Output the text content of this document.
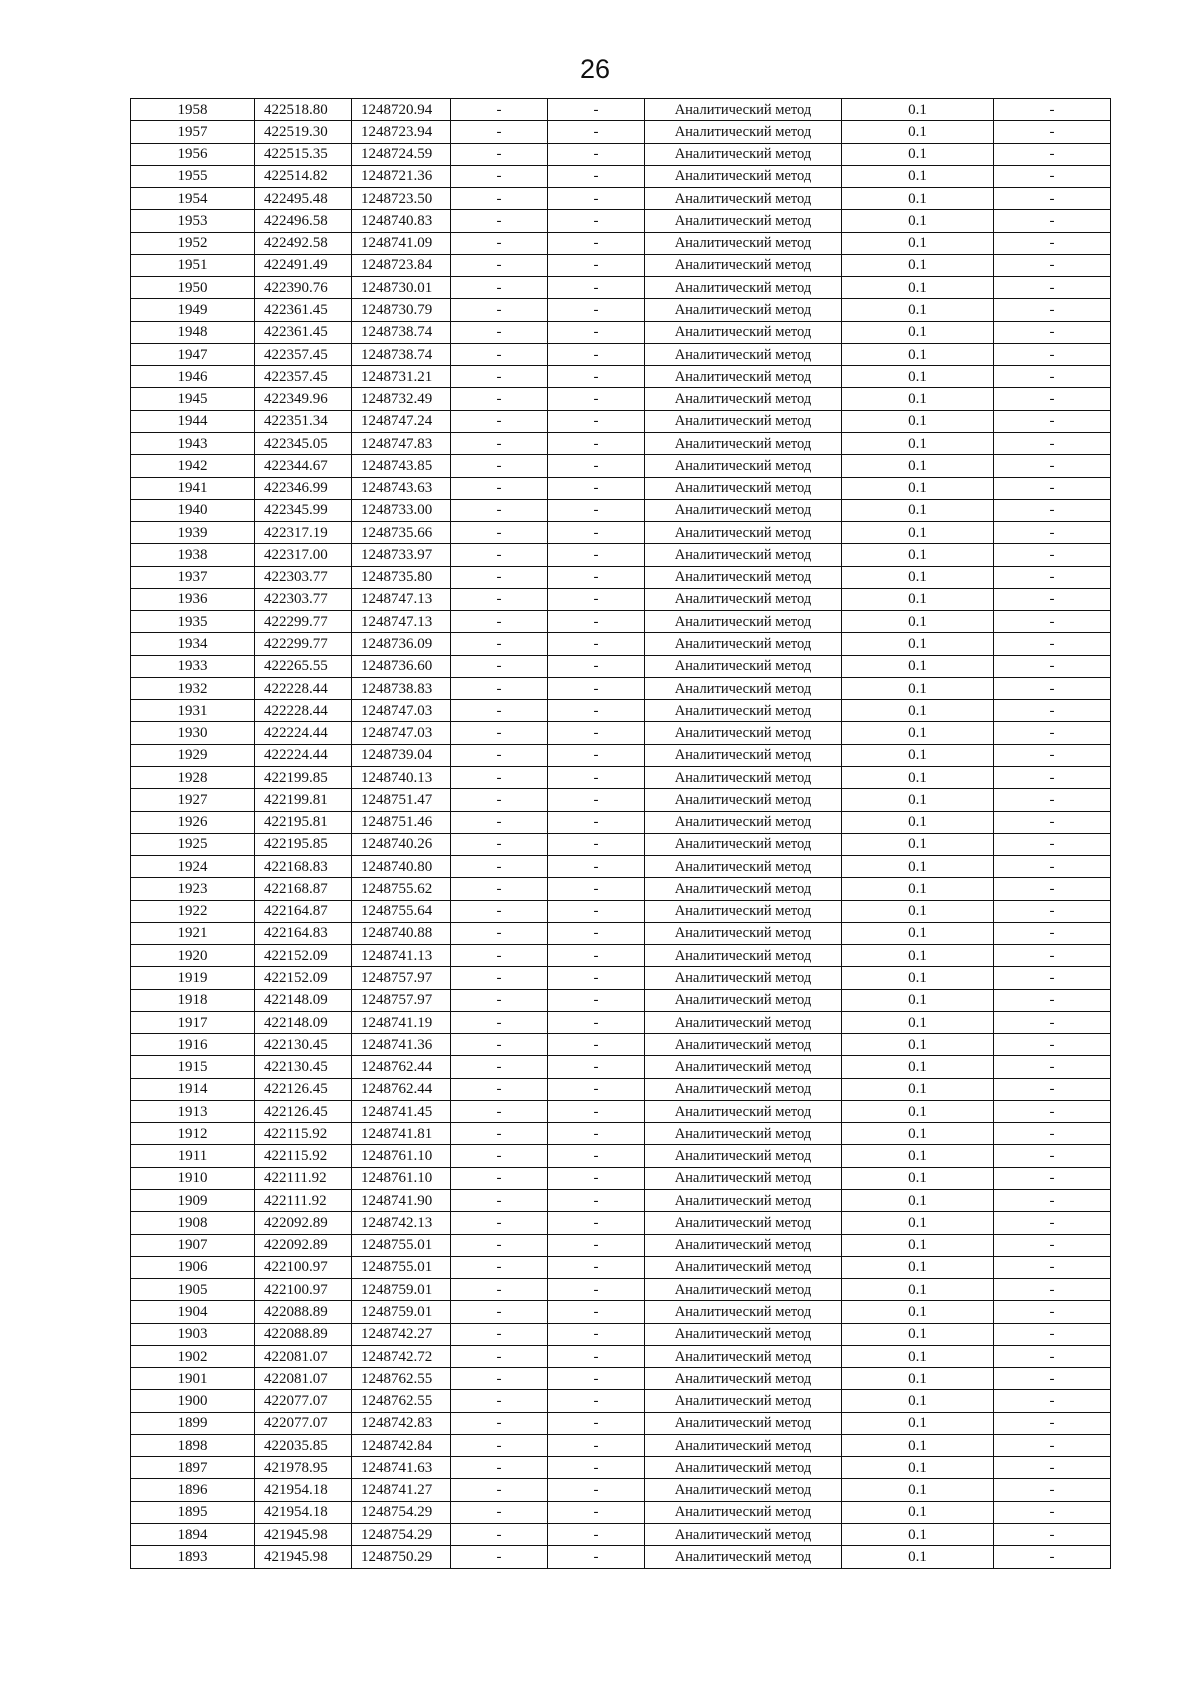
26
1958	422518.80	1248720.94	-	-	Аналитический метод	0.1	-
1957	422519.30	1248723.94	-	-	Аналитический метод	0.1	-
1956	422515.35	1248724.59	-	-	Аналитический метод	0.1	-
1955	422514.82	1248721.36	-	-	Аналитический метод	0.1	-
1954	422495.48	1248723.50	-	-	Аналитический метод	0.1	-
1953	422496.58	1248740.83	-	-	Аналитический метод	0.1	-
1952	422492.58	1248741.09	-	-	Аналитический метод	0.1	-
1951	422491.49	1248723.84	-	-	Аналитический метод	0.1	-
1950	422390.76	1248730.01	-	-	Аналитический метод	0.1	-
1949	422361.45	1248730.79	-	-	Аналитический метод	0.1	-
1948	422361.45	1248738.74	-	-	Аналитический метод	0.1	-
1947	422357.45	1248738.74	-	-	Аналитический метод	0.1	-
1946	422357.45	1248731.21	-	-	Аналитический метод	0.1	-
1945	422349.96	1248732.49	-	-	Аналитический метод	0.1	-
1944	422351.34	1248747.24	-	-	Аналитический метод	0.1	-
1943	422345.05	1248747.83	-	-	Аналитический метод	0.1	-
1942	422344.67	1248743.85	-	-	Аналитический метод	0.1	-
1941	422346.99	1248743.63	-	-	Аналитический метод	0.1	-
1940	422345.99	1248733.00	-	-	Аналитический метод	0.1	-
1939	422317.19	1248735.66	-	-	Аналитический метод	0.1	-
1938	422317.00	1248733.97	-	-	Аналитический метод	0.1	-
1937	422303.77	1248735.80	-	-	Аналитический метод	0.1	-
1936	422303.77	1248747.13	-	-	Аналитический метод	0.1	-
1935	422299.77	1248747.13	-	-	Аналитический метод	0.1	-
1934	422299.77	1248736.09	-	-	Аналитический метод	0.1	-
1933	422265.55	1248736.60	-	-	Аналитический метод	0.1	-
1932	422228.44	1248738.83	-	-	Аналитический метод	0.1	-
1931	422228.44	1248747.03	-	-	Аналитический метод	0.1	-
1930	422224.44	1248747.03	-	-	Аналитический метод	0.1	-
1929	422224.44	1248739.04	-	-	Аналитический метод	0.1	-
1928	422199.85	1248740.13	-	-	Аналитический метод	0.1	-
1927	422199.81	1248751.47	-	-	Аналитический метод	0.1	-
1926	422195.81	1248751.46	-	-	Аналитический метод	0.1	-
1925	422195.85	1248740.26	-	-	Аналитический метод	0.1	-
1924	422168.83	1248740.80	-	-	Аналитический метод	0.1	-
1923	422168.87	1248755.62	-	-	Аналитический метод	0.1	-
1922	422164.87	1248755.64	-	-	Аналитический метод	0.1	-
1921	422164.83	1248740.88	-	-	Аналитический метод	0.1	-
1920	422152.09	1248741.13	-	-	Аналитический метод	0.1	-
1919	422152.09	1248757.97	-	-	Аналитический метод	0.1	-
1918	422148.09	1248757.97	-	-	Аналитический метод	0.1	-
1917	422148.09	1248741.19	-	-	Аналитический метод	0.1	-
1916	422130.45	1248741.36	-	-	Аналитический метод	0.1	-
1915	422130.45	1248762.44	-	-	Аналитический метод	0.1	-
1914	422126.45	1248762.44	-	-	Аналитический метод	0.1	-
1913	422126.45	1248741.45	-	-	Аналитический метод	0.1	-
1912	422115.92	1248741.81	-	-	Аналитический метод	0.1	-
1911	422115.92	1248761.10	-	-	Аналитический метод	0.1	-
1910	422111.92	1248761.10	-	-	Аналитический метод	0.1	-
1909	422111.92	1248741.90	-	-	Аналитический метод	0.1	-
1908	422092.89	1248742.13	-	-	Аналитический метод	0.1	-
1907	422092.89	1248755.01	-	-	Аналитический метод	0.1	-
1906	422100.97	1248755.01	-	-	Аналитический метод	0.1	-
1905	422100.97	1248759.01	-	-	Аналитический метод	0.1	-
1904	422088.89	1248759.01	-	-	Аналитический метод	0.1	-
1903	422088.89	1248742.27	-	-	Аналитический метод	0.1	-
1902	422081.07	1248742.72	-	-	Аналитический метод	0.1	-
1901	422081.07	1248762.55	-	-	Аналитический метод	0.1	-
1900	422077.07	1248762.55	-	-	Аналитический метод	0.1	-
1899	422077.07	1248742.83	-	-	Аналитический метод	0.1	-
1898	422035.85	1248742.84	-	-	Аналитический метод	0.1	-
1897	421978.95	1248741.63	-	-	Аналитический метод	0.1	-
1896	421954.18	1248741.27	-	-	Аналитический метод	0.1	-
1895	421954.18	1248754.29	-	-	Аналитический метод	0.1	-
1894	421945.98	1248754.29	-	-	Аналитический метод	0.1	-
1893	421945.98	1248750.29	-	-	Аналитический метод	0.1	-
